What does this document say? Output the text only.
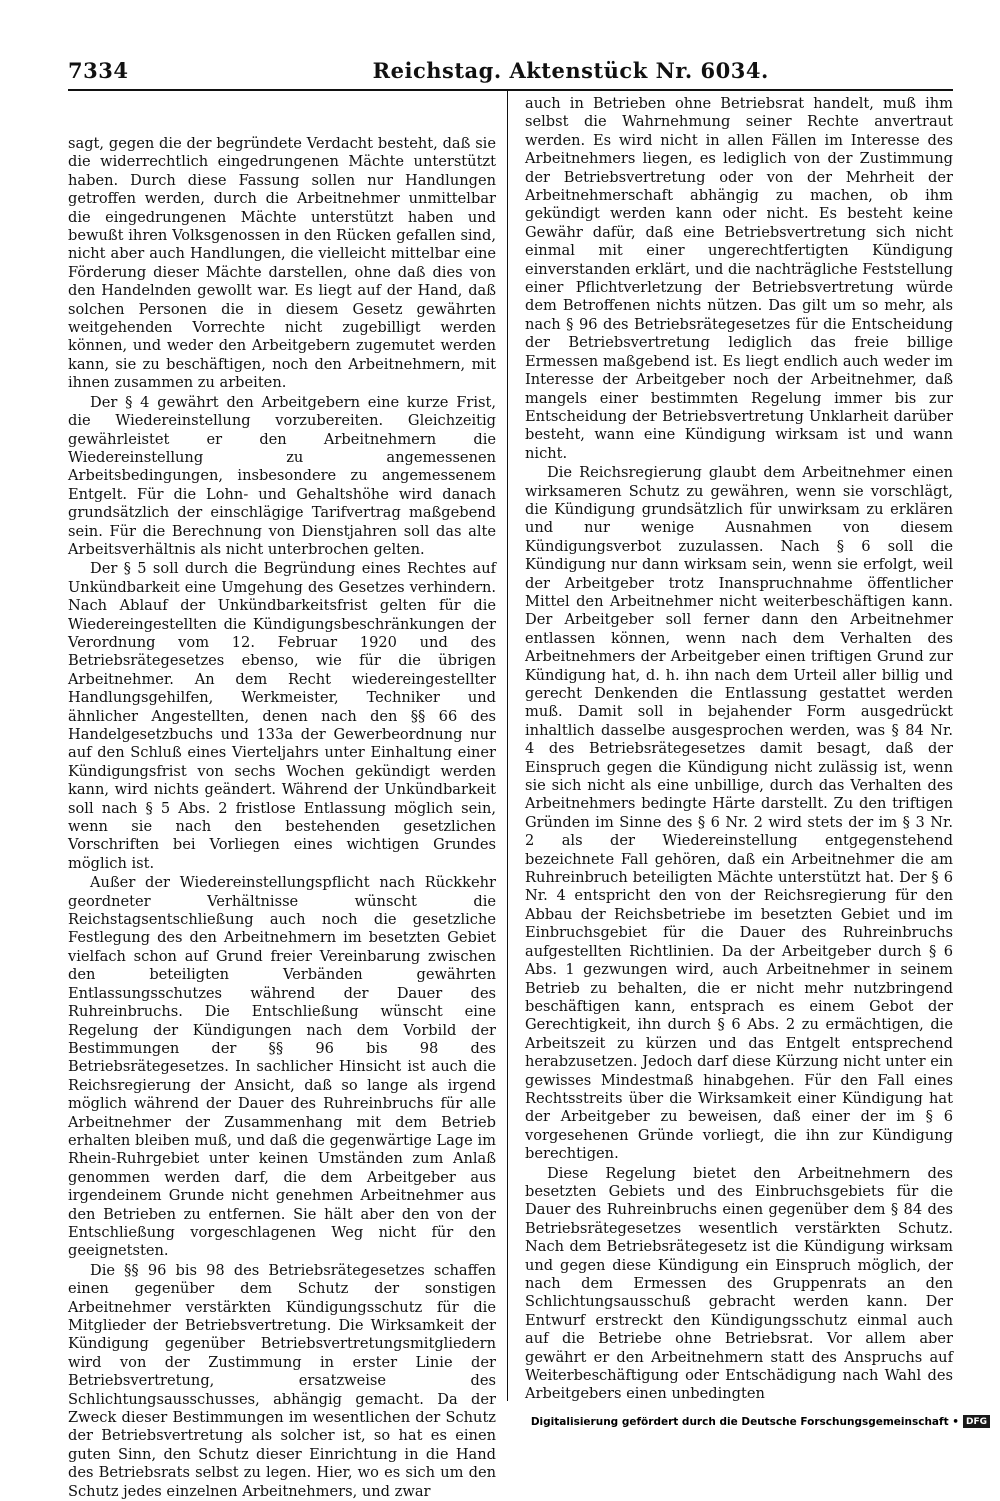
7334	Reichstag. Aktenstück Nr. 6034.

sagt, gegen die der begründete Verdacht besteht, daß sie die widerrechtlich eingedrungenen Mächte unterstützt haben. Durch diese Fassung sollen nur Handlungen getroffen werden, durch die Arbeitnehmer unmittelbar die eingedrungenen Mächte unterstützt haben und bewußt ihren Volksgenossen in den Rücken gefallen sind, nicht aber auch Handlungen, die vielleicht mittelbar eine Förderung dieser Mächte darstellen, ohne daß dies von den Handelnden gewollt war. Es liegt auf der Hand, daß solchen Personen die in diesem Gesetz gewährten weitgehenden Vorrechte nicht zugebilligt werden können, und weder den Arbeitgebern zugemutet werden kann, sie zu beschäftigen, noch den Arbeitnehmern, mit ihnen zusammen zu arbeiten.

Der § 4 gewährt den Arbeitgebern eine kurze Frist, die Wiedereinstellung vorzubereiten. Gleichzeitig gewährleistet er den Arbeitnehmern die Wiedereinstellung zu angemessenen Arbeitsbedingungen, insbesondere zu angemessenem Entgelt. Für die Lohn- und Gehaltshöhe wird danach grundsätzlich der einschlägige Tarifvertrag maßgebend sein. Für die Berechnung von Dienstjahren soll das alte Arbeitsverhältnis als nicht unterbrochen gelten.

Der § 5 soll durch die Begründung eines Rechtes auf Unkündbarkeit eine Umgehung des Gesetzes verhindern. Nach Ablauf der Unkündbarkeitsfrist gelten für die Wiedereingestellten die Kündigungsbeschränkungen der Verordnung vom 12. Februar 1920 und des Betriebsrätegesetzes ebenso, wie für die übrigen Arbeitnehmer. An dem Recht wiedereingestellter Handlungsgehilfen, Werkmeister, Techniker und ähnlicher Angestellten, denen nach den §§ 66 des Handelgesetzbuchs und 133a der Gewerbeordnung nur auf den Schluß eines Vierteljahrs unter Einhaltung einer Kündigungsfrist von sechs Wochen gekündigt werden kann, wird nichts geändert. Während der Unkündbarkeit soll nach § 5 Abs. 2 fristlose Entlassung möglich sein, wenn sie nach den bestehenden gesetzlichen Vorschriften bei Vorliegen eines wichtigen Grundes möglich ist.

Außer der Wiedereinstellungspflicht nach Rückkehr geordneter Verhältnisse wünscht die Reichstagsentschließung auch noch die gesetzliche Festlegung des den Arbeitnehmern im besetzten Gebiet vielfach schon auf Grund freier Vereinbarung zwischen den beteiligten Verbänden gewährten Entlassungsschutzes während der Dauer des Ruhreinbruchs. Die Entschließung wünscht eine Regelung der Kündigungen nach dem Vorbild der Bestimmungen der §§ 96 bis 98 des Betriebsrätegesetzes. In sachlicher Hinsicht ist auch die Reichsregierung der Ansicht, daß so lange als irgend möglich während der Dauer des Ruhreinbruchs für alle Arbeitnehmer der Zusammenhang mit dem Betrieb erhalten bleiben muß, und daß die gegenwärtige Lage im Rhein-Ruhrgebiet unter keinen Umständen zum Anlaß genommen werden darf, die dem Arbeitgeber aus irgendeinem Grunde nicht genehmen Arbeitnehmer aus den Betrieben zu entfernen. Sie hält aber den von der Entschließung vorgeschlagenen Weg nicht für den geeignetsten.

Die §§ 96 bis 98 des Betriebsrätegesetzes schaffen einen gegenüber dem Schutz der sonstigen Arbeitnehmer verstärkten Kündigungsschutz für die Mitglieder der Betriebsvertretung. Die Wirksamkeit der Kündigung gegenüber Betriebsvertretungsmitgliedern wird von der Zustimmung in erster Linie der Betriebsvertretung, ersatzweise des Schlichtungsausschusses, abhängig gemacht. Da der Zweck dieser Bestimmungen im wesentlichen der Schutz der Betriebsvertretung als solcher ist, so hat es einen guten Sinn, den Schutz dieser Einrichtung in die Hand des Betriebsrats selbst zu legen. Hier, wo es sich um den Schutz jedes einzelnen Arbeitnehmers, und zwar

auch in Betrieben ohne Betriebsrat handelt, muß ihm selbst die Wahrnehmung seiner Rechte anvertraut werden. Es wird nicht in allen Fällen im Interesse des Arbeitnehmers liegen, es lediglich von der Zustimmung der Betriebsvertretung oder von der Mehrheit der Arbeitnehmerschaft abhängig zu machen, ob ihm gekündigt werden kann oder nicht. Es besteht keine Gewähr dafür, daß eine Betriebsvertretung sich nicht einmal mit einer ungerechtfertigten Kündigung einverstanden erklärt, und die nachträgliche Feststellung einer Pflichtverletzung der Betriebsvertretung würde dem Betroffenen nichts nützen. Das gilt um so mehr, als nach § 96 des Betriebsrätegesetzes für die Entscheidung der Betriebsvertretung lediglich das freie billige Ermessen maßgebend ist. Es liegt endlich auch weder im Interesse der Arbeitgeber noch der Arbeitnehmer, daß mangels einer bestimmten Regelung immer bis zur Entscheidung der Betriebsvertretung Unklarheit darüber besteht, wann eine Kündigung wirksam ist und wann nicht.

Die Reichsregierung glaubt dem Arbeitnehmer einen wirksameren Schutz zu gewähren, wenn sie vorschlägt, die Kündigung grundsätzlich für unwirksam zu erklären und nur wenige Ausnahmen von diesem Kündigungsverbot zuzulassen. Nach § 6 soll die Kündigung nur dann wirksam sein, wenn sie erfolgt, weil der Arbeitgeber trotz Inanspruchnahme öffentlicher Mittel den Arbeitnehmer nicht weiterbeschäftigen kann. Der Arbeitgeber soll ferner dann den Arbeitnehmer entlassen können, wenn nach dem Verhalten des Arbeitnehmers der Arbeitgeber einen triftigen Grund zur Kündigung hat, d. h. ihn nach dem Urteil aller billig und gerecht Denkenden die Entlassung gestattet werden muß. Damit soll in bejahender Form ausgedrückt inhaltlich dasselbe ausgesprochen werden, was § 84 Nr. 4 des Betriebsrätegesetzes damit besagt, daß der Einspruch gegen die Kündigung nicht zulässig ist, wenn sie sich nicht als eine unbillige, durch das Verhalten des Arbeitnehmers bedingte Härte darstellt. Zu den triftigen Gründen im Sinne des § 6 Nr. 2 wird stets der im § 3 Nr. 2 als der Wiedereinstellung entgegenstehend bezeichnete Fall gehören, daß ein Arbeitnehmer die am Ruhreinbruch beteiligten Mächte unterstützt hat. Der § 6 Nr. 4 entspricht den von der Reichsregierung für den Abbau der Reichsbetriebe im besetzten Gebiet und im Einbruchsgebiet für die Dauer des Ruhreinbruchs aufgestellten Richtlinien. Da der Arbeitgeber durch § 6 Abs. 1 gezwungen wird, auch Arbeitnehmer in seinem Betrieb zu behalten, die er nicht mehr nutzbringend beschäftigen kann, entsprach es einem Gebot der Gerechtigkeit, ihn durch § 6 Abs. 2 zu ermächtigen, die Arbeitszeit zu kürzen und das Entgelt entsprechend herabzusetzen. Jedoch darf diese Kürzung nicht unter ein gewisses Mindestmaß hinabgehen. Für den Fall eines Rechtsstreits über die Wirksamkeit einer Kündigung hat der Arbeitgeber zu beweisen, daß einer der im § 6 vorgesehenen Gründe vorliegt, die ihn zur Kündigung berechtigen.

Diese Regelung bietet den Arbeitnehmern des besetzten Gebiets und des Einbruchsgebiets für die Dauer des Ruhreinbruchs einen gegenüber dem § 84 des Betriebsrätegesetzes wesentlich verstärkten Schutz. Nach dem Betriebsrätegesetz ist die Kündigung wirksam und gegen diese Kündigung ein Einspruch möglich, der nach dem Ermessen des Gruppenrats an den Schlichtungsausschuß gebracht werden kann. Der Entwurf erstreckt den Kündigungsschutz einmal auch auf die Betriebe ohne Betriebsrat. Vor allem aber gewährt er den Arbeitnehmern statt des Anspruchs auf Weiterbeschäftigung oder Entschädigung nach Wahl des Arbeitgebers einen unbedingten

Digitalisierung gefördert durch die Deutsche Forschungsgemeinschaft • DFG
